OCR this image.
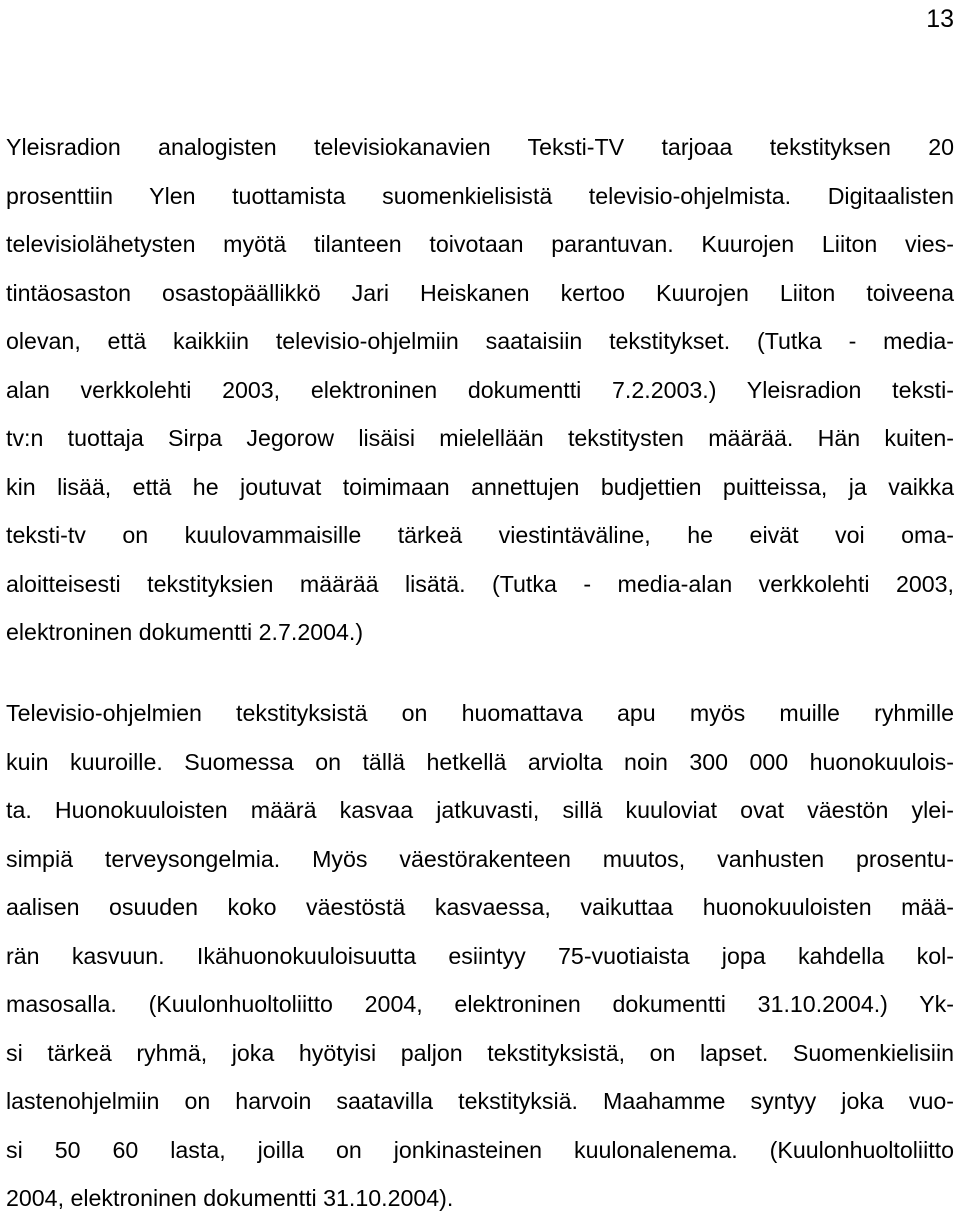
13
Yleisradion analogisten televisiokanavien Teksti-TV tarjoaa tekstityksen 20
prosenttiin Ylen tuottamista suomenkielisistä televisio-ohjelmista. Digitaalisten
televisiolähetysten myötä tilanteen toivotaan parantuvan. Kuurojen Liiton vies-
tintäosaston osastopäällikkö Jari Heiskanen kertoo Kuurojen Liiton toiveena
olevan, että kaikkiin televisio-ohjelmiin saataisiin tekstitykset. (Tutka - media-
alan verkkolehti 2003, elektroninen dokumentti 7.2.2003.) Yleisradion teksti-
tv:n tuottaja Sirpa Jegorow lisäisi mielellään tekstitysten määrää. Hän kuiten-
kin lisää, että he joutuvat toimimaan annettujen budjettien puitteissa, ja vaikka
teksti-tv on kuulovammaisille tärkeä viestintäväline, he eivät voi oma-
aloitteisesti tekstityksien määrää lisätä. (Tutka - media-alan verkkolehti 2003,
elektroninen dokumentti 2.7.2004.)
Televisio-ohjelmien tekstityksistä on huomattava apu myös muille ryhmille
kuin kuuroille. Suomessa on tällä hetkellä arviolta noin 300 000 huonokuulois-
ta. Huonokuuloisten määrä kasvaa jatkuvasti, sillä kuuloviat ovat väestön ylei-
simpiä terveysongelmia. Myös väestörakenteen muutos, vanhusten prosentu-
aalisen osuuden koko väestöstä kasvaessa, vaikuttaa huonokuuloisten mää-
rän kasvuun. Ikähuonokuuloisuutta esiintyy 75-vuotiaista jopa kahdella kol-
masosalla. (Kuulonhuoltoliitto 2004, elektroninen dokumentti 31.10.2004.) Yk-
si tärkeä ryhmä, joka hyötyisi paljon tekstityksistä, on lapset. Suomenkielisiin
lastenohjelmiin on harvoin saatavilla tekstityksiä. Maahamme syntyy joka vuo-
si 50 60 lasta, joilla on jonkinasteinen kuulonalenema. (Kuulonhuoltoliitto
2004, elektroninen dokumentti 31.10.2004).
